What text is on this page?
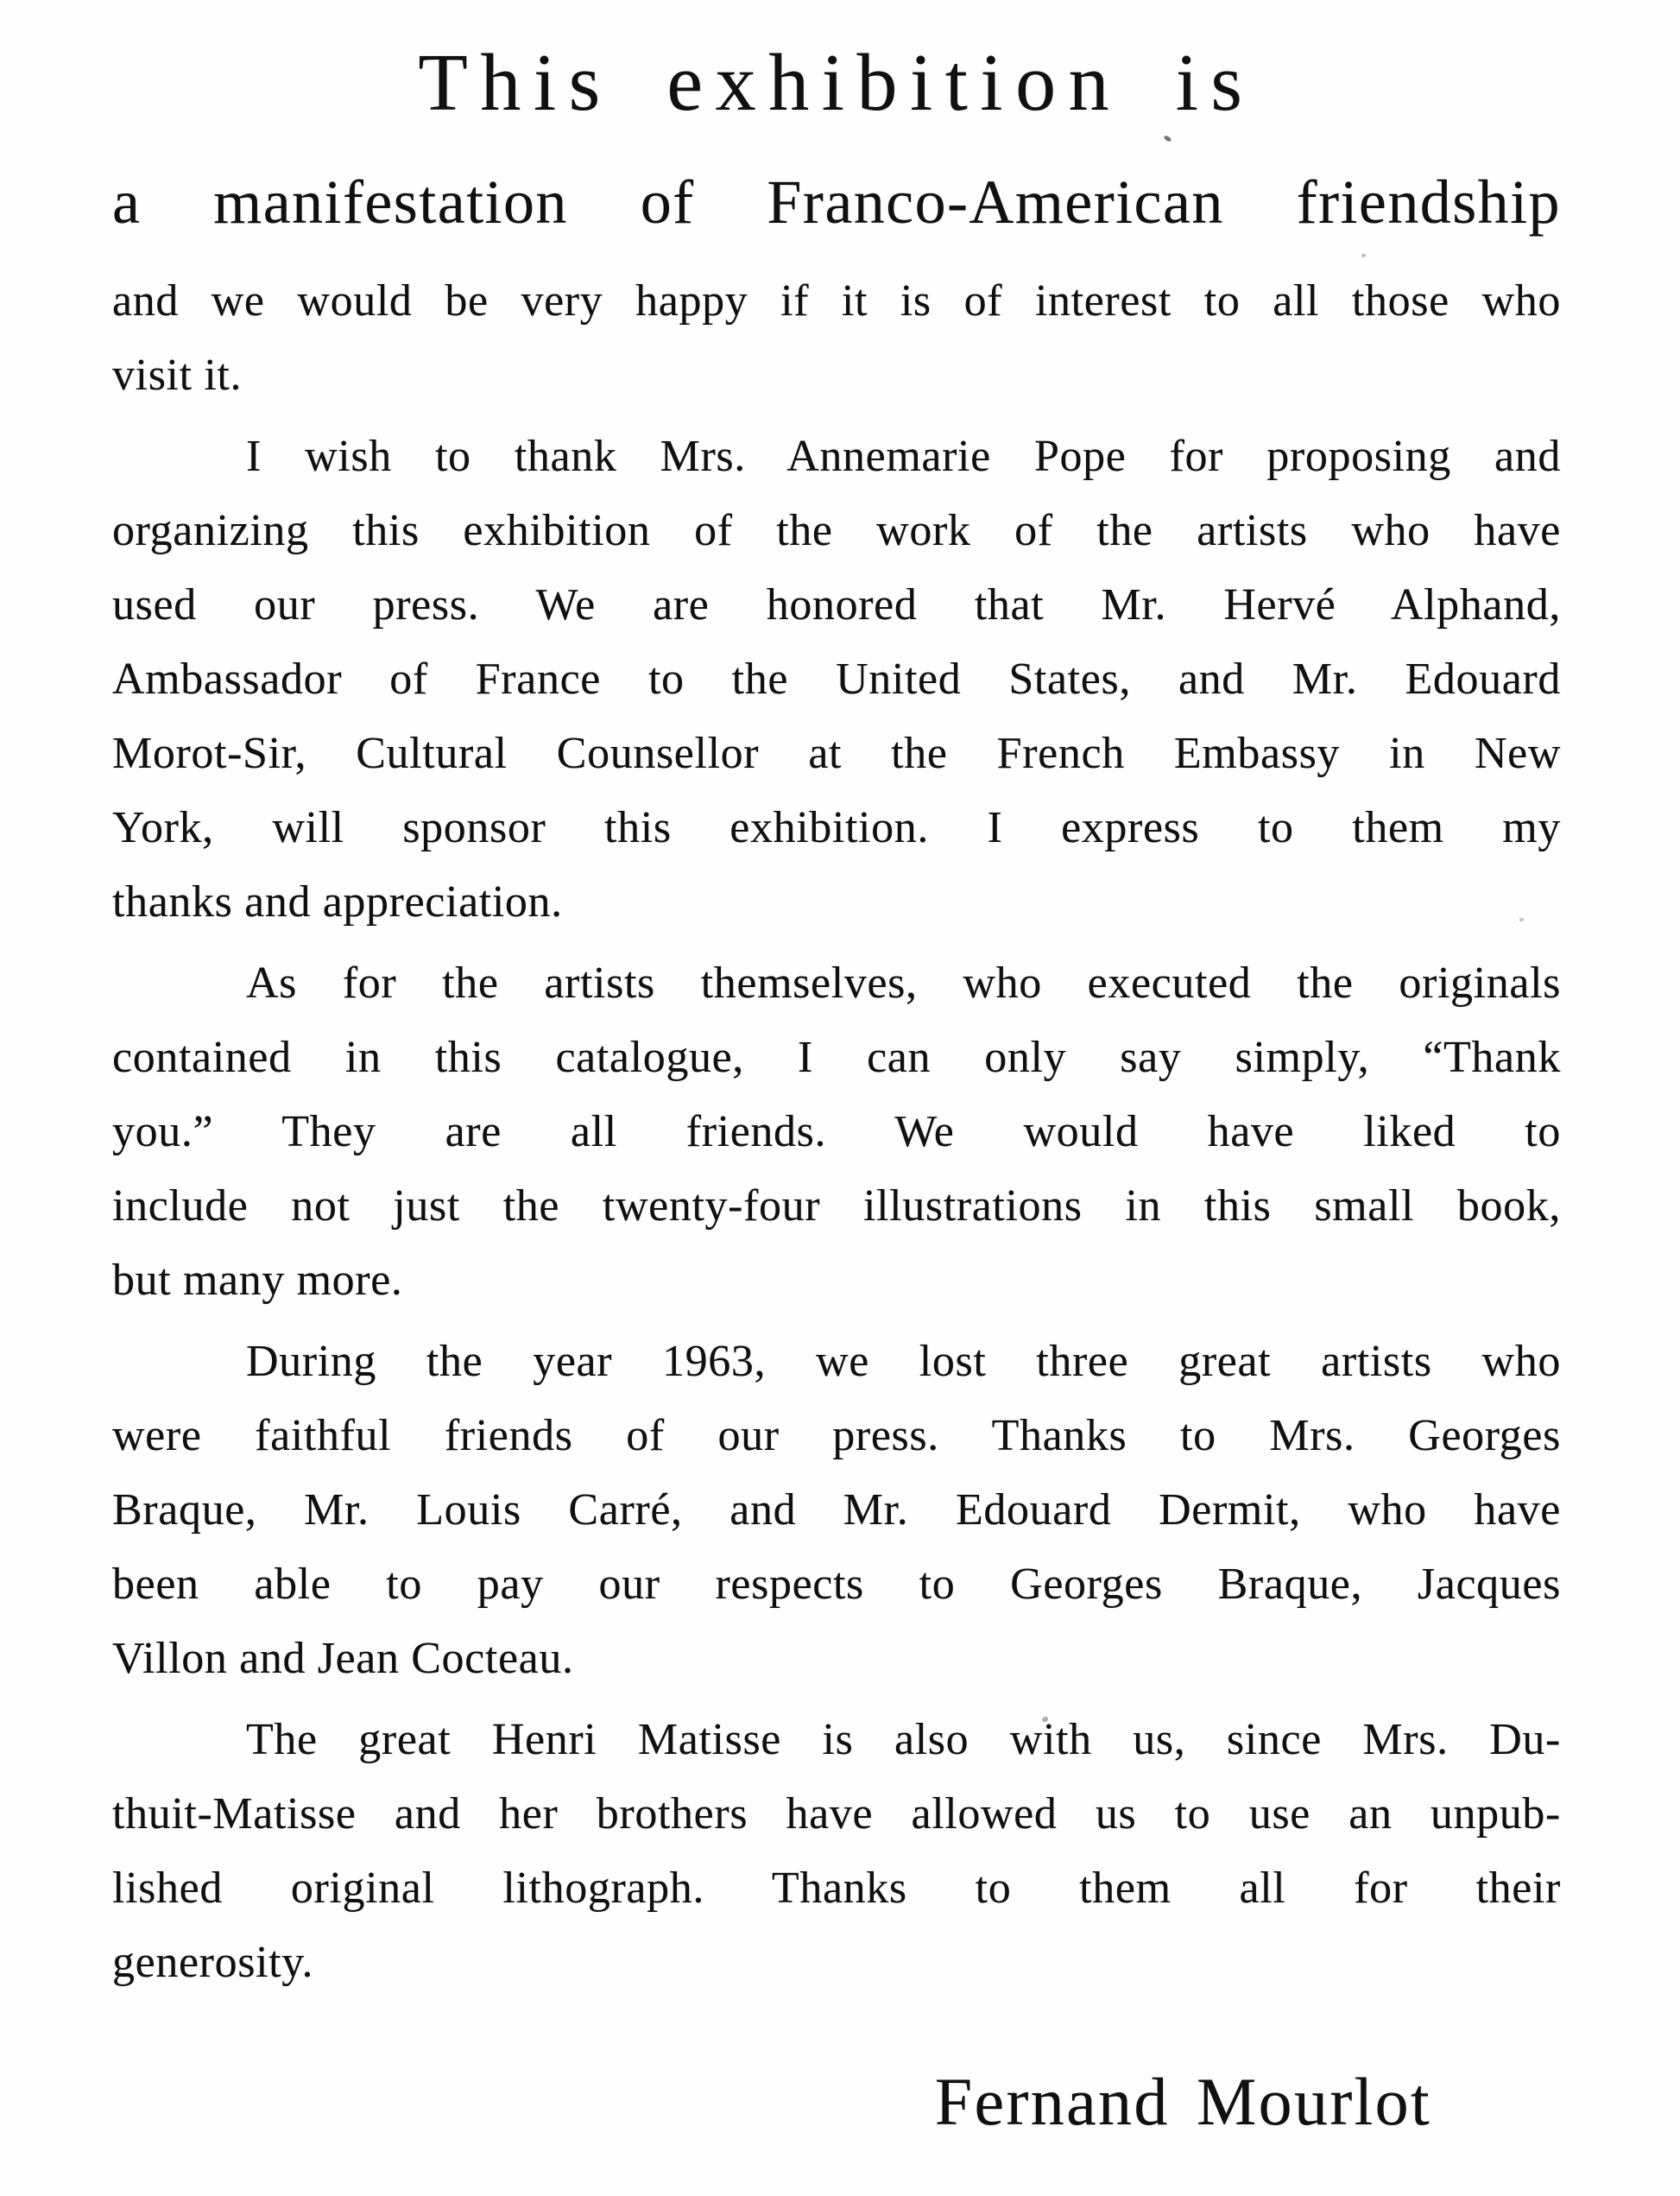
This exhibition is
a manifestation of Franco-American friendship
and we would be very happy if it is of interest to all those who
visit it.
I wish to thank Mrs. Annemarie Pope for proposing and
organizing this exhibition of the work of the artists who have
used our press. We are honored that Mr. Hervé Alphand,
Ambassador of France to the United States, and Mr. Edouard
Morot-Sir, Cultural Counsellor at the French Embassy in New
York, will sponsor this exhibition. I express to them my
thanks and appreciation.
As for the artists themselves, who executed the originals
contained in this catalogue, I can only say simply, “Thank
you.” They are all friends. We would have liked to
include not just the twenty-four illustrations in this small book,
but many more.
During the year 1963, we lost three great artists who
were faithful friends of our press. Thanks to Mrs. Georges
Braque, Mr. Louis Carré, and Mr. Edouard Dermit, who have
been able to pay our respects to Georges Braque, Jacques
Villon and Jean Cocteau.
The great Henri Matisse is also with us, since Mrs. Du-
thuit-Matisse and her brothers have allowed us to use an unpub-
lished original lithograph. Thanks to them all for their
generosity.
Fernand Mourlot
